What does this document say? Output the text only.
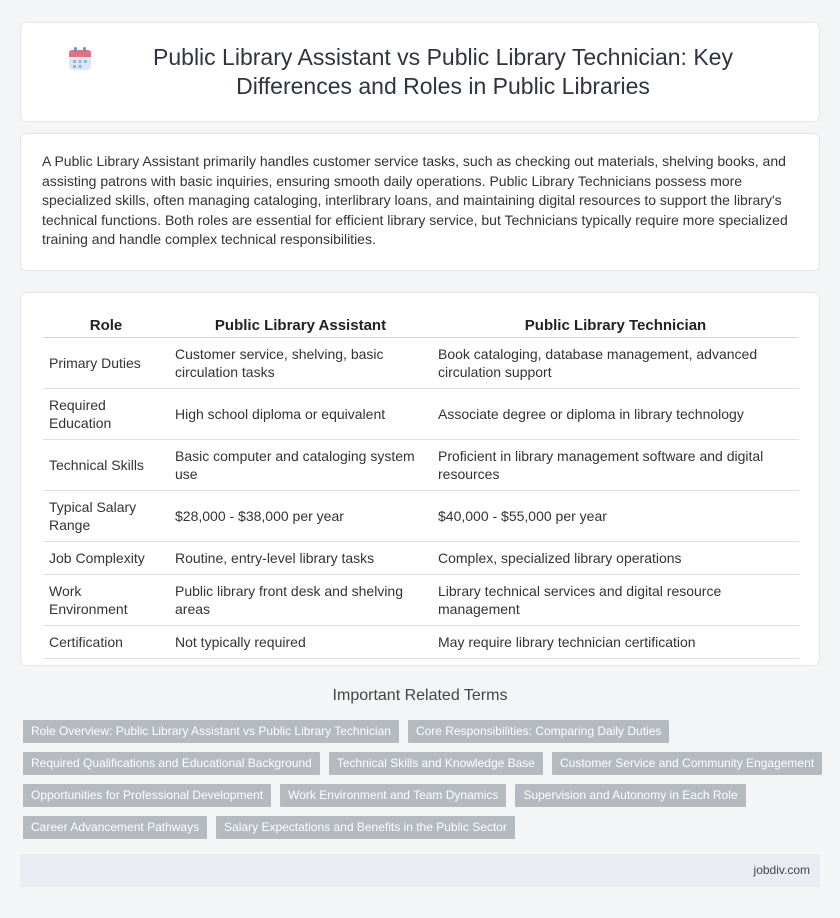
Public Library Assistant vs Public Library Technician: Key Differences and Roles in Public Libraries

A Public Library Assistant primarily handles customer service tasks, such as checking out materials, shelving books, and assisting patrons with basic inquiries, ensuring smooth daily operations. Public Library Technicians possess more specialized skills, often managing cataloging, interlibrary loans, and maintaining digital resources to support the library's technical functions. Both roles are essential for efficient library service, but Technicians typically require more specialized training and handle complex technical responsibilities.

Role	Public Library Assistant	Public Library Technician
Primary Duties	Customer service, shelving, basic circulation tasks	Book cataloging, database management, advanced circulation support
Required Education	High school diploma or equivalent	Associate degree or diploma in library technology
Technical Skills	Basic computer and cataloging system use	Proficient in library management software and digital resources
Typical Salary Range	$28,000 - $38,000 per year	$40,000 - $55,000 per year
Job Complexity	Routine, entry-level library tasks	Complex, specialized library operations
Work Environment	Public library front desk and shelving areas	Library technical services and digital resource management
Certification	Not typically required	May require library technician certification
Important Related Terms
Role Overview: Public Library Assistant vs Public Library Technician	Core Responsibilities: Comparing Daily Duties
Required Qualifications and Educational Background	Technical Skills and Knowledge Base	Customer Service and Community Engagement
Opportunities for Professional Development	Work Environment and Team Dynamics	Supervision and Autonomy in Each Role
Career Advancement Pathways	Salary Expectations and Benefits in the Public Sector
jobdiv.com
